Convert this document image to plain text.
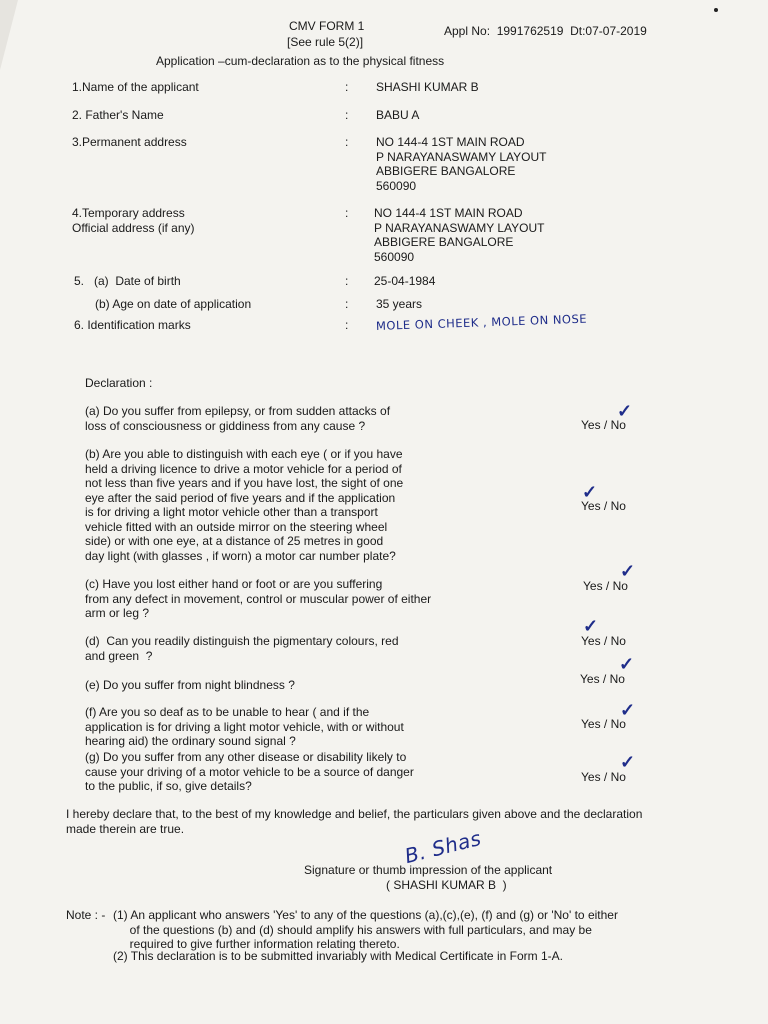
CMV FORM 1
[See rule 5(2)]
Appl No:  1991762519  Dt:07-07-2019
Application –cum-declaration as to the physical fitness
1.Name of the applicant	: SHASHI KUMAR B
2. Father's Name	: BABU A
3.Permanent address	: NO 144-4 1ST MAIN ROAD
P NARAYANASWAMY LAYOUT
ABBIGERE BANGALORE
560090
4.Temporary address
Official address (if any)
: NO 144-4 1ST MAIN ROAD
P NARAYANASWAMY LAYOUT
ABBIGERE BANGALORE
560090
5.   (a)  Date of birth	: 25-04-1984
(b) Age on date of application	: 35 years
6. Identification marks	: MOLE ON CHEEK , MOLE ON NOSE
Declaration :
(a) Do you suffer from epilepsy, or from sudden attacks of
loss of consciousness or giddiness from any cause ?	Yes / No
✓
(b) Are you able to distinguish with each eye ( or if you have
held a driving licence to drive a motor vehicle for a period of
not less than five years and if you have lost, the sight of one
eye after the said period of five years and if the application
is for driving a light motor vehicle other than a transport
vehicle fitted with an outside mirror on the steering wheel
side) or with one eye, at a distance of 25 metres in good
day light (with glasses , if worn) a motor car number plate?
Yes / No
✓
(c) Have you lost either hand or foot or are you suffering
from any defect in movement, control or muscular power of either
arm or leg ?
Yes / No
✓
(d)  Can you readily distinguish the pigmentary colours, red
and green  ?
Yes / No
✓
(e) Do you suffer from night blindness ?	Yes / No
✓
(f) Are you so deaf as to be unable to hear ( and if the
application is for driving a light motor vehicle, with or without
hearing aid) the ordinary sound signal ?
Yes / No
✓
(g) Do you suffer from any other disease or disability likely to
cause your driving of a motor vehicle to be a source of danger
to the public, if so, give details?
Yes / No
✓
I hereby declare that, to the best of my knowledge and belief, the particulars given above and the declaration
made therein are true.	B. Shas
Signature or thumb impression of the applicant
( SHASHI KUMAR B  )
Note : - (1) An applicant who answers 'Yes' to any of the questions (a),(c),(e), (f) and (g) or 'No' to either
of the questions (b) and (d) should amplify his answers with full particulars, and may be
required to give further information relating thereto.
(2) This declaration is to be submitted invariably with Medical Certificate in Form 1-A.
